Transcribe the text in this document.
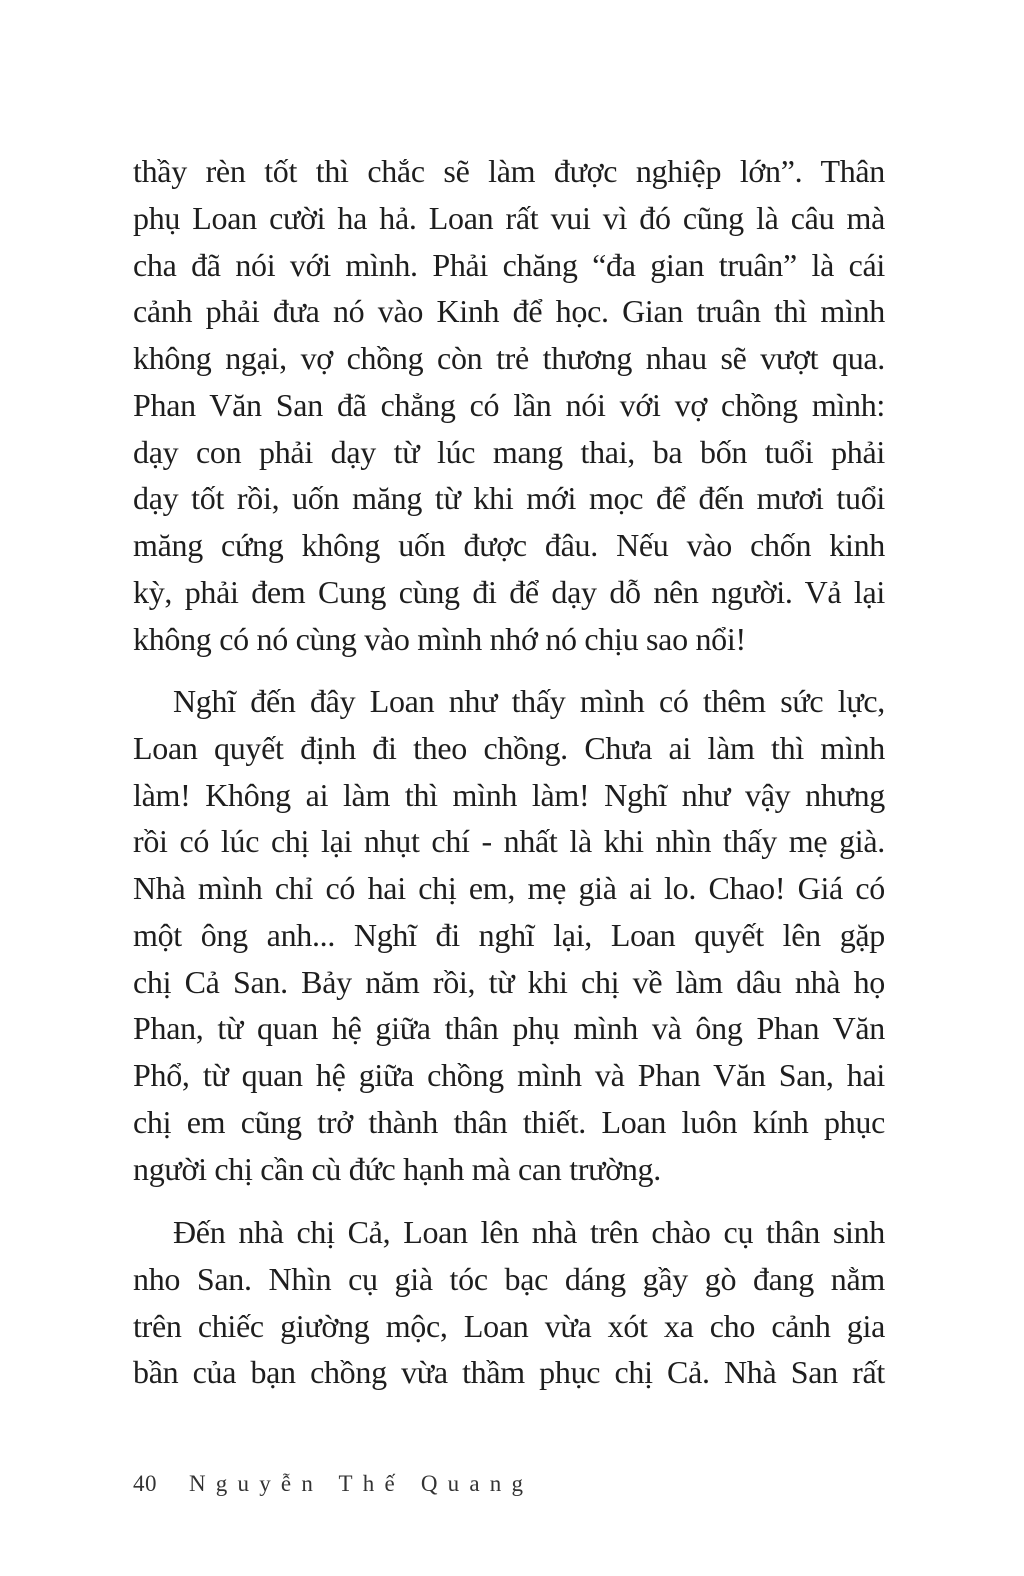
thầy rèn tốt thì chắc sẽ làm được nghiệp lớn”. Thân
phụ Loan cười ha hả. Loan rất vui vì đó cũng là câu mà
cha đã nói với mình. Phải chăng “đa gian truân” là cái
cảnh phải đưa nó vào Kinh để học. Gian truân thì mình
không ngại, vợ chồng còn trẻ thương nhau sẽ vượt qua.
Phan Văn San đã chẳng có lần nói với vợ chồng mình:
dạy con phải dạy từ lúc mang thai, ba bốn tuổi phải
dạy tốt rồi, uốn măng từ khi mới mọc để đến mươi tuổi
măng cứng không uốn được đâu. Nếu vào chốn kinh
kỳ, phải đem Cung cùng đi để dạy dỗ nên người. Vả lại
không có nó cùng vào mình nhớ nó chịu sao nổi!
Nghĩ đến đây Loan như thấy mình có thêm sức lực,
Loan quyết định đi theo chồng. Chưa ai làm thì mình
làm! Không ai làm thì mình làm! Nghĩ như vậy nhưng
rồi có lúc chị lại nhụt chí - nhất là khi nhìn thấy mẹ già.
Nhà mình chỉ có hai chị em, mẹ già ai lo. Chao! Giá có
một ông anh... Nghĩ đi nghĩ lại, Loan quyết lên gặp
chị Cả San. Bảy năm rồi, từ khi chị về làm dâu nhà họ
Phan, từ quan hệ giữa thân phụ mình và ông Phan Văn
Phổ, từ quan hệ giữa chồng mình và Phan Văn San, hai
chị em cũng trở thành thân thiết. Loan luôn kính phục
người chị cần cù đức hạnh mà can trường.
Đến nhà chị Cả, Loan lên nhà trên chào cụ thân sinh
nho San. Nhìn cụ già tóc bạc dáng gầy gò đang nằm
trên chiếc giường mộc, Loan vừa xót xa cho cảnh gia
bần của bạn chồng vừa thầm phục chị Cả. Nhà San rất
40 Nguyễn Thế Quang
